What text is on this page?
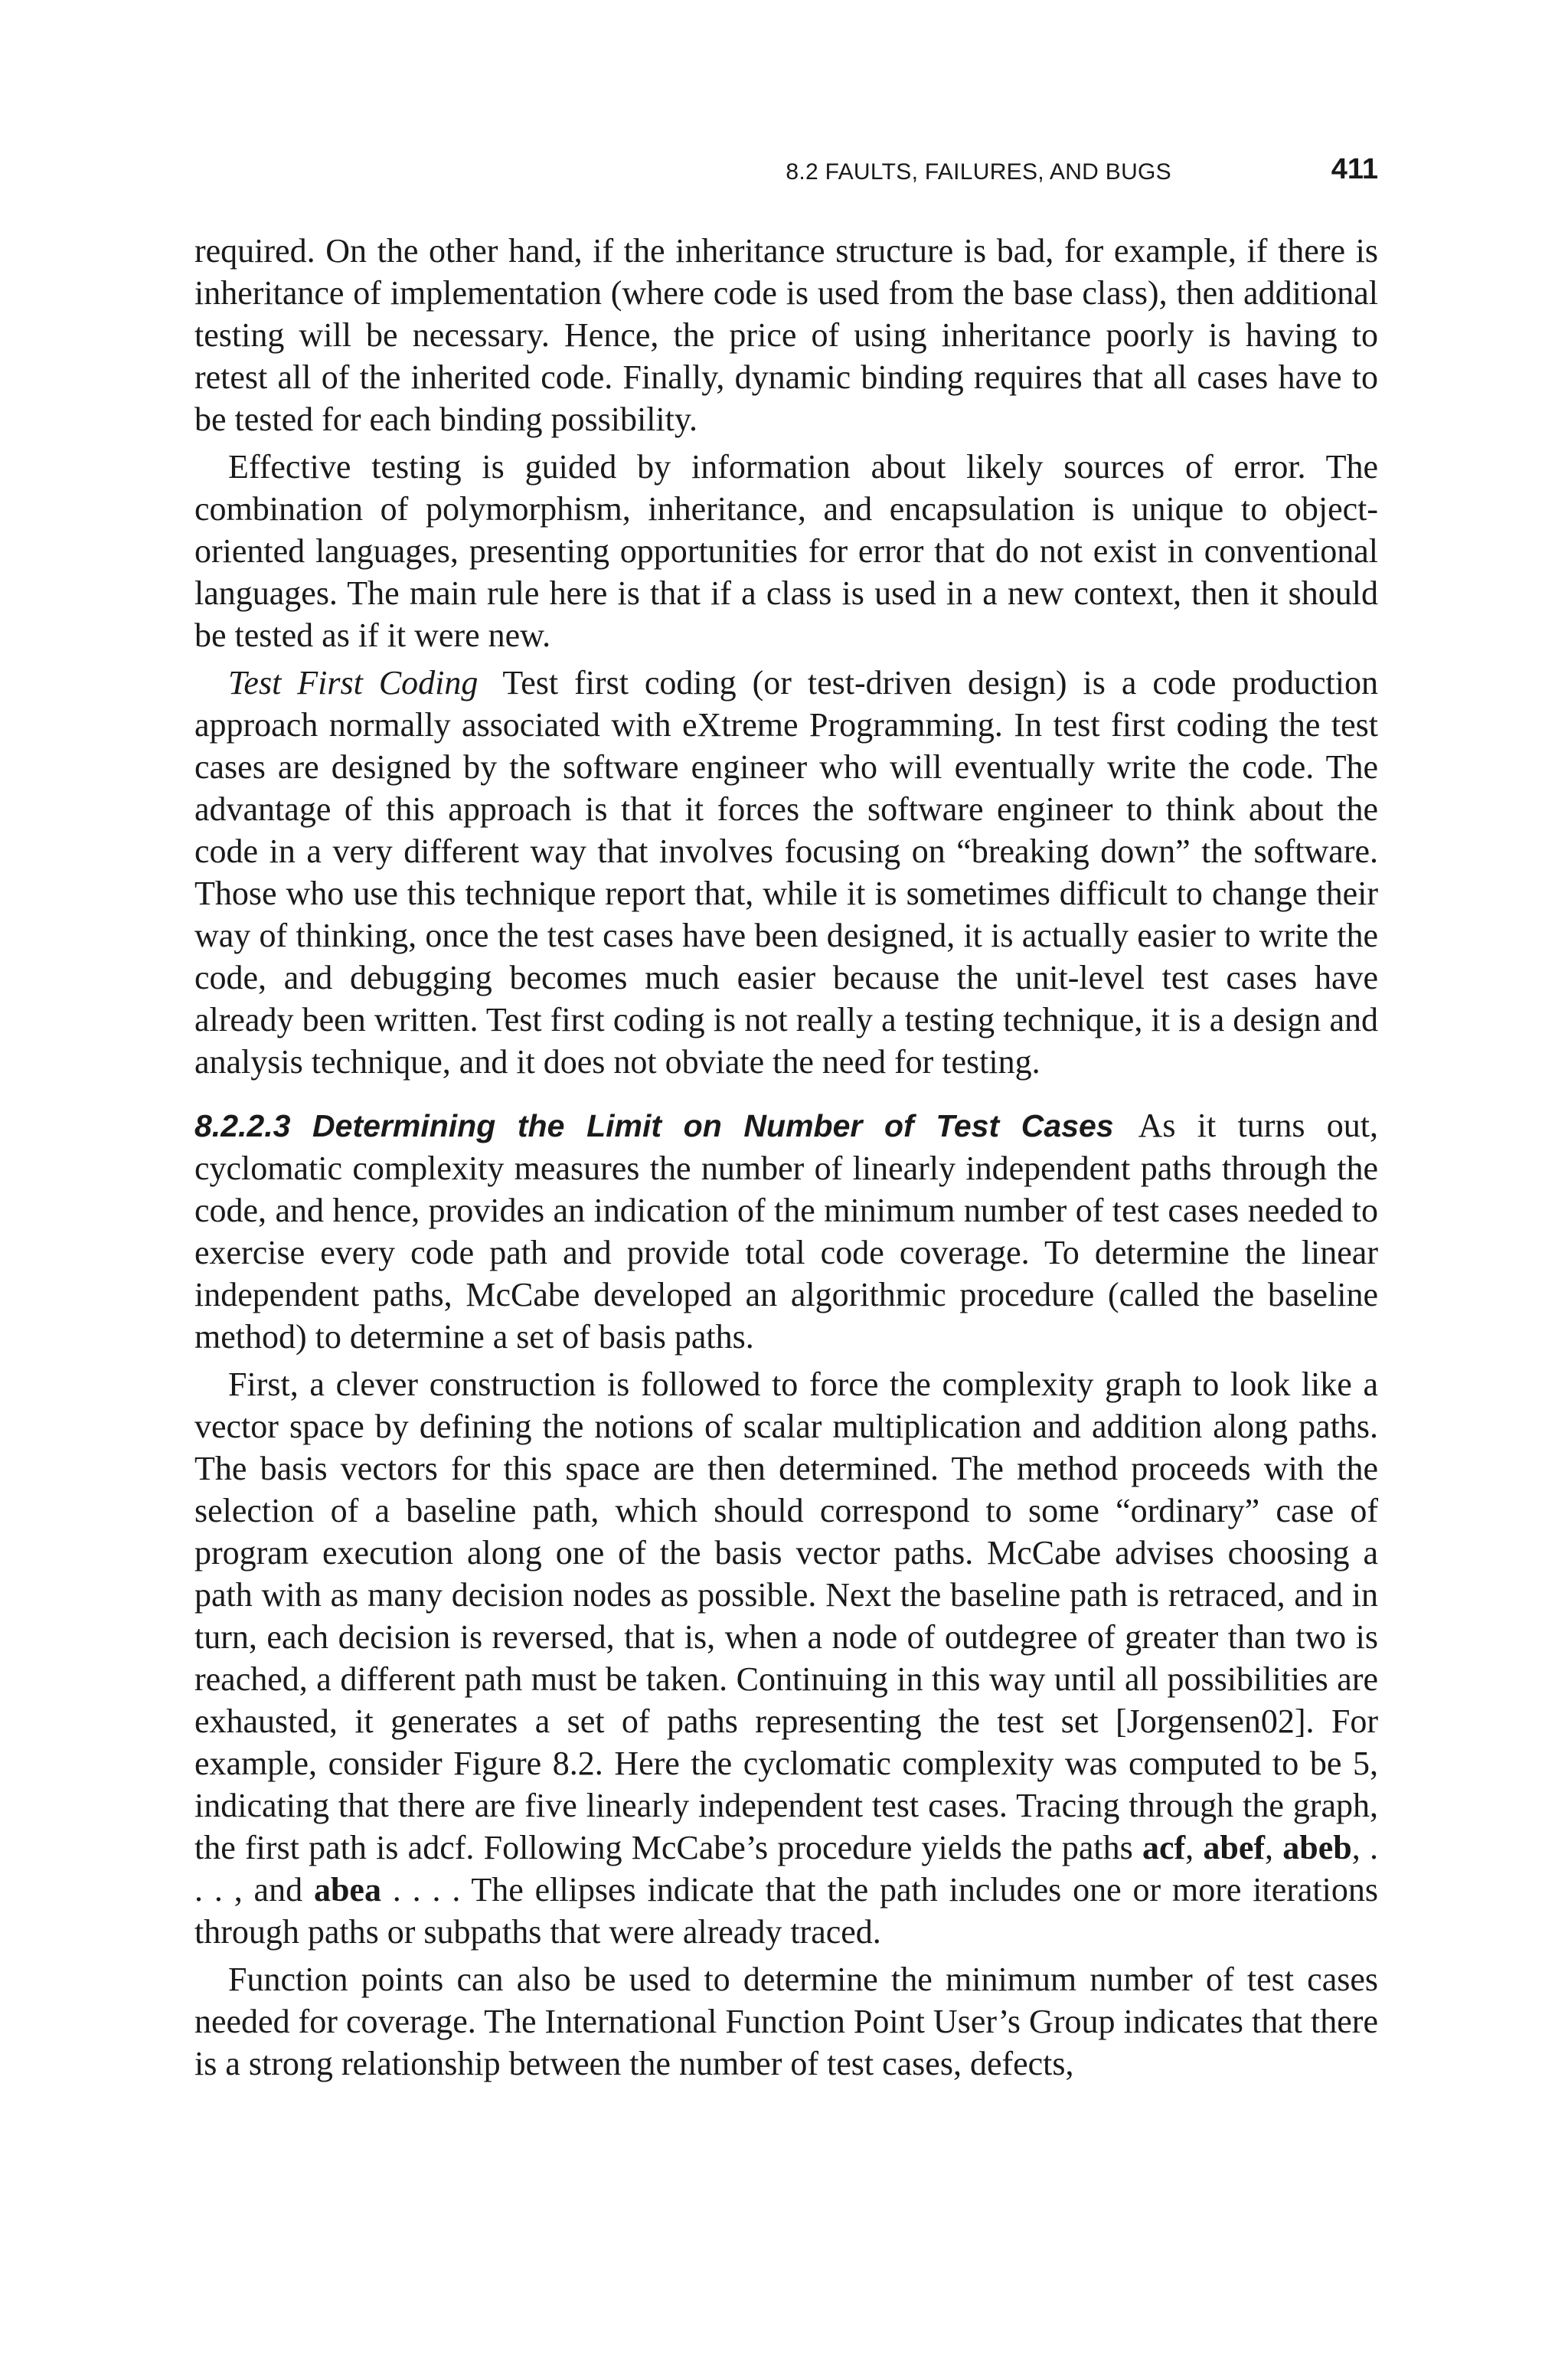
8.2 FAULTS, FAILURES, AND BUGS	411

required. On the other hand, if the inheritance structure is bad, for example, if there is inheritance of implementation (where code is used from the base class), then additional testing will be necessary. Hence, the price of using inheritance poorly is having to retest all of the inherited code. Finally, dynamic binding requires that all cases have to be tested for each binding possibility.

Effective testing is guided by information about likely sources of error. The combination of polymorphism, inheritance, and encapsulation is unique to object-oriented languages, presenting opportunities for error that do not exist in conventional languages. The main rule here is that if a class is used in a new context, then it should be tested as if it were new.

Test First Coding Test first coding (or test-driven design) is a code production approach normally associated with eXtreme Programming. In test first coding the test cases are designed by the software engineer who will eventually write the code. The advantage of this approach is that it forces the software engineer to think about the code in a very different way that involves focusing on “breaking down” the software. Those who use this technique report that, while it is sometimes difficult to change their way of thinking, once the test cases have been designed, it is actually easier to write the code, and debugging becomes much easier because the unit-level test cases have already been written. Test first coding is not really a testing technique, it is a design and analysis technique, and it does not obviate the need for testing.

8.2.2.3 Determining the Limit on Number of Test Cases As it turns out, cyclomatic complexity measures the number of linearly independent paths through the code, and hence, provides an indication of the minimum number of test cases needed to exercise every code path and provide total code coverage. To determine the linear independent paths, McCabe developed an algorithmic procedure (called the baseline method) to determine a set of basis paths.

First, a clever construction is followed to force the complexity graph to look like a vector space by defining the notions of scalar multiplication and addition along paths. The basis vectors for this space are then determined. The method proceeds with the selection of a baseline path, which should correspond to some “ordinary” case of program execution along one of the basis vector paths. McCabe advises choosing a path with as many decision nodes as possible. Next the baseline path is retraced, and in turn, each decision is reversed, that is, when a node of outdegree of greater than two is reached, a different path must be taken. Continuing in this way until all possibilities are exhausted, it generates a set of paths representing the test set [Jorgensen02]. For example, consider Figure 8.2. Here the cyclomatic complexity was computed to be 5, indicating that there are five linearly independent test cases. Tracing through the graph, the first path is adcf. Following McCabe’s procedure yields the paths acf, abef, abeb, . . . , and abea . . . . The ellipses indicate that the path includes one or more iterations through paths or subpaths that were already traced.

Function points can also be used to determine the minimum number of test cases needed for coverage. The International Function Point User’s Group indicates that there is a strong relationship between the number of test cases, defects,
